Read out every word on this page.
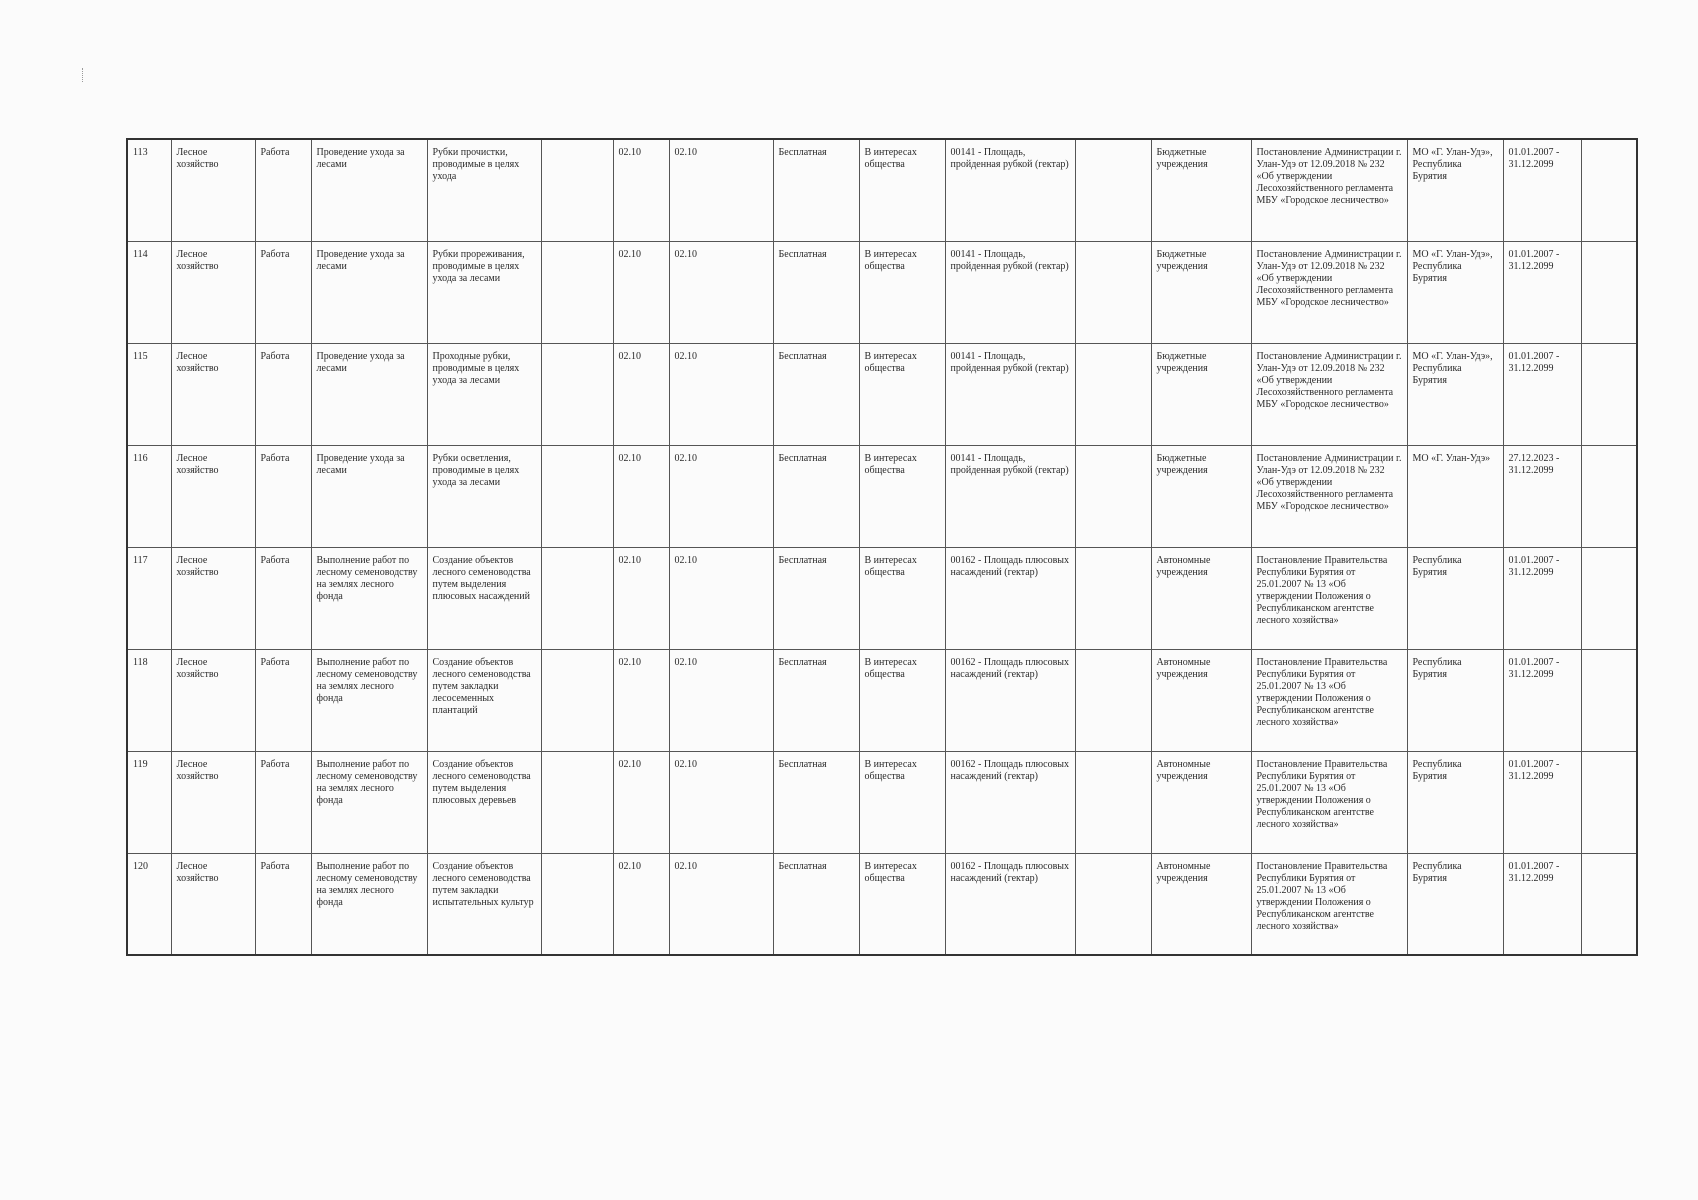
113	Лесное хозяйство	Работа	Проведение ухода за лесами	Рубки прочистки, проводимые в целях ухода		02.10	02.10	Бесплатная	В интересах общества	00141 - Площадь, пройденная рубкой (гектар)		Бюджетные учреждения	Постановление Администрации г. Улан-Удэ от 12.09.2018 № 232 «Об утверждении Лесохозяйственного регламента МБУ «Городское лесничество»	МО «Г. Улан-Удэ», Республика Бурятия	01.01.2007 - 31.12.2099	
114	Лесное хозяйство	Работа	Проведение ухода за лесами	Рубки прореживания, проводимые в целях ухода за лесами		02.10	02.10	Бесплатная	В интересах общества	00141 - Площадь, пройденная рубкой (гектар)		Бюджетные учреждения	Постановление Администрации г. Улан-Удэ от 12.09.2018 № 232 «Об утверждении Лесохозяйственного регламента МБУ «Городское лесничество»	МО «Г. Улан-Удэ», Республика Бурятия	01.01.2007 - 31.12.2099	
115	Лесное хозяйство	Работа	Проведение ухода за лесами	Проходные рубки, проводимые в целях ухода за лесами		02.10	02.10	Бесплатная	В интересах общества	00141 - Площадь, пройденная рубкой (гектар)		Бюджетные учреждения	Постановление Администрации г. Улан-Удэ от 12.09.2018 № 232 «Об утверждении Лесохозяйственного регламента МБУ «Городское лесничество»	МО «Г. Улан-Удэ», Республика Бурятия	01.01.2007 - 31.12.2099	
116	Лесное хозяйство	Работа	Проведение ухода за лесами	Рубки осветления, проводимые в целях ухода за лесами		02.10	02.10	Бесплатная	В интересах общества	00141 - Площадь, пройденная рубкой (гектар)		Бюджетные учреждения	Постановление Администрации г. Улан-Удэ от 12.09.2018 № 232 «Об утверждении Лесохозяйственного регламента МБУ «Городское лесничество»	МО «Г. Улан-Удэ»	27.12.2023 - 31.12.2099	
117	Лесное хозяйство	Работа	Выполнение работ по лесному семеноводству на землях лесного фонда	Создание объектов лесного семеноводства путем выделения плюсовых насаждений		02.10	02.10	Бесплатная	В интересах общества	00162 - Площадь плюсовых насаждений (гектар)		Автономные учреждения	Постановление Правительства Республики Бурятия от 25.01.2007 № 13 «Об утверждении Положения о Республиканском агентстве лесного хозяйства»	Республика Бурятия	01.01.2007 - 31.12.2099	
118	Лесное хозяйство	Работа	Выполнение работ по лесному семеноводству на землях лесного фонда	Создание объектов лесного семеноводства путем закладки лесосеменных плантаций		02.10	02.10	Бесплатная	В интересах общества	00162 - Площадь плюсовых насаждений (гектар)		Автономные учреждения	Постановление Правительства Республики Бурятия от 25.01.2007 № 13 «Об утверждении Положения о Республиканском агентстве лесного хозяйства»	Республика Бурятия	01.01.2007 - 31.12.2099	
119	Лесное хозяйство	Работа	Выполнение работ по лесному семеноводству на землях лесного фонда	Создание объектов лесного семеноводства путем выделения плюсовых деревьев		02.10	02.10	Бесплатная	В интересах общества	00162 - Площадь плюсовых насаждений (гектар)		Автономные учреждения	Постановление Правительства Республики Бурятия от 25.01.2007 № 13 «Об утверждении Положения о Республиканском агентстве лесного хозяйства»	Республика Бурятия	01.01.2007 - 31.12.2099	
120	Лесное хозяйство	Работа	Выполнение работ по лесному семеноводству на землях лесного фонда	Создание объектов лесного семеноводства путем закладки испытательных культур		02.10	02.10	Бесплатная	В интересах общества	00162 - Площадь плюсовых насаждений (гектар)		Автономные учреждения	Постановление Правительства Республики Бурятия от 25.01.2007 № 13 «Об утверждении Положения о Республиканском агентстве лесного хозяйства»	Республика Бурятия	01.01.2007 - 31.12.2099	
